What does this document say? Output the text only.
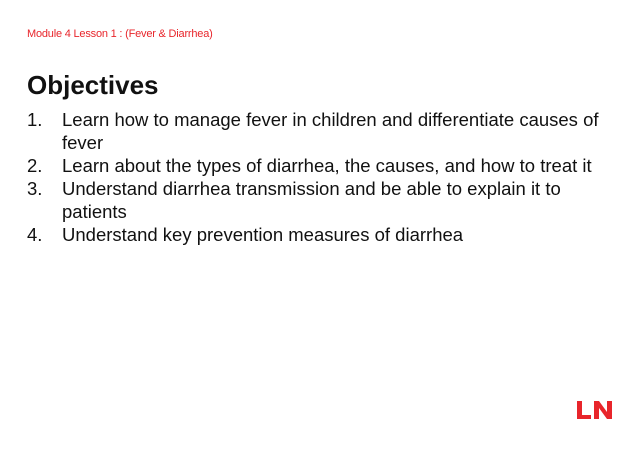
Module 4 Lesson 1 : (Fever & Diarrhea)
Objectives
1. Learn how to manage fever in children and differentiate causes of fever
2. Learn about the types of diarrhea, the causes, and how to treat it
3. Understand diarrhea transmission and be able to explain it to patients
4. Understand key prevention measures of diarrhea
